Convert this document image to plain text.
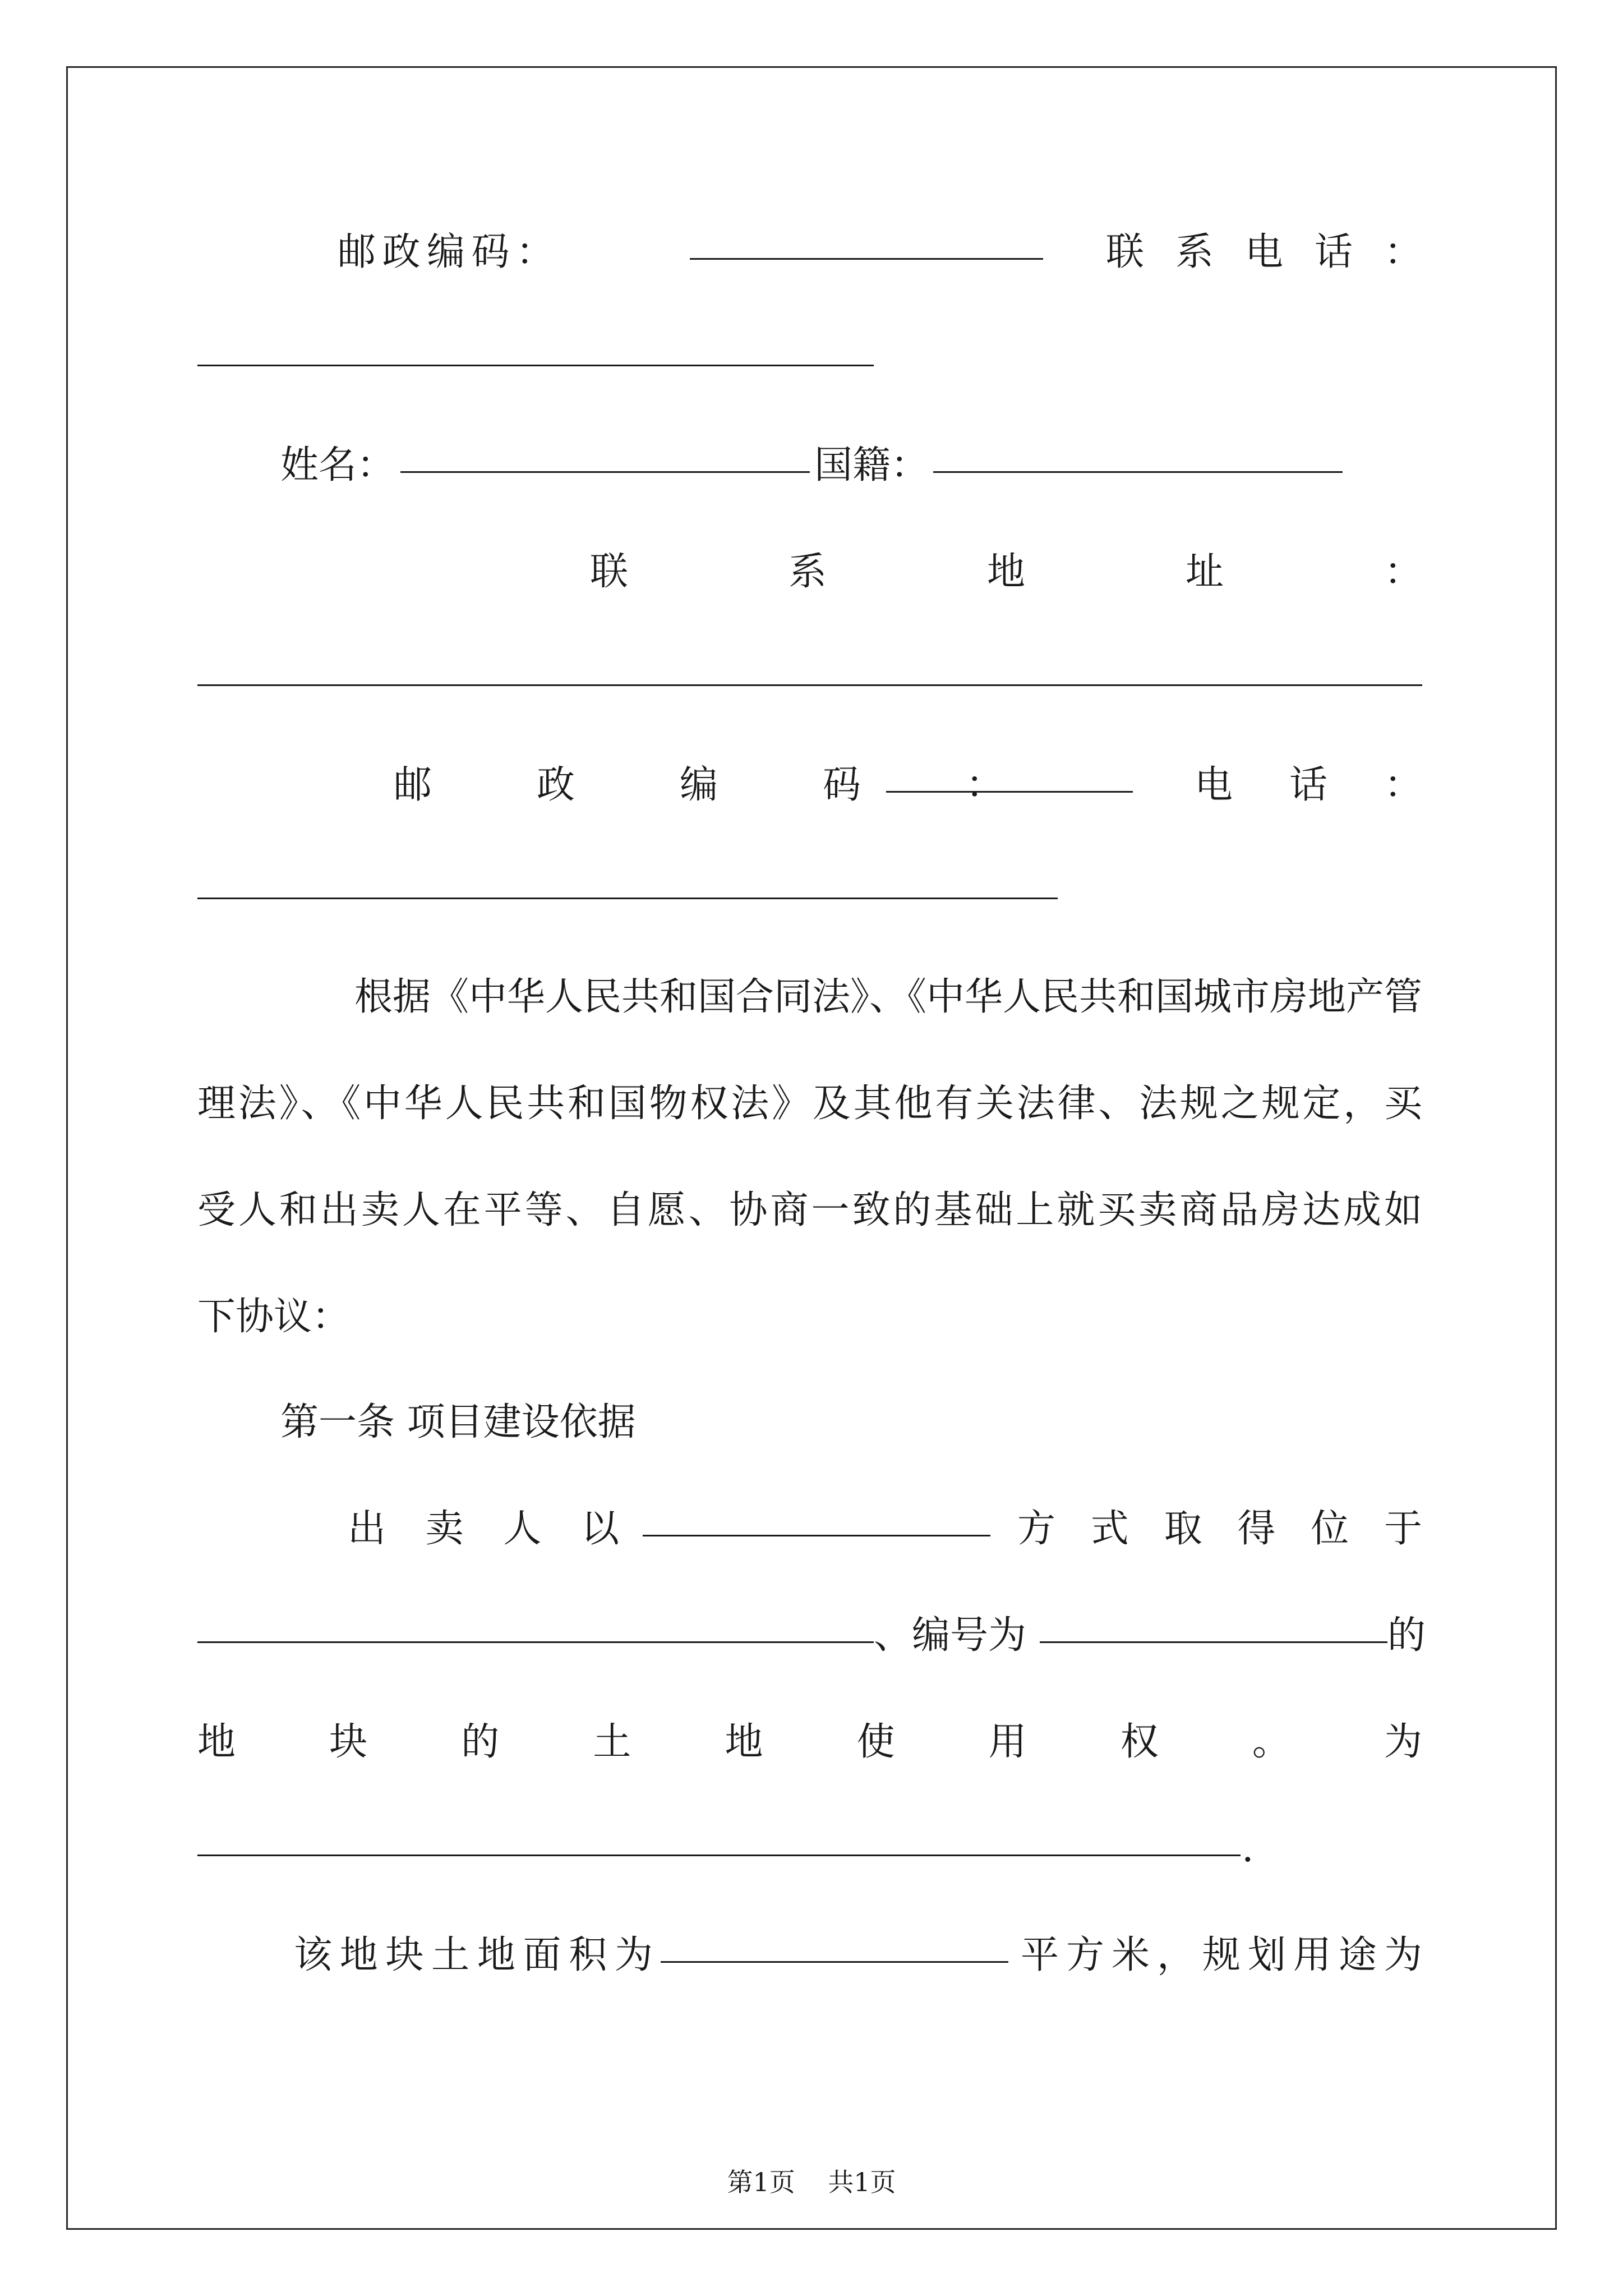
邮 政 编 码 ：	联 系 电 话 ：
姓名：	国籍：
联	系	地	址	：
邮	政	编	码	：	电 话 ：
根据《中华人民共和国合同法》、《中华人民共和国城市房地产管
理法》、《中华人民共和国物权法》及其他有关法律、法规之规定，买
受人和出卖人在平等、自愿、协商一致的基础上就买卖商品房达成如
下协议：
第一条 项目建设依据
出 卖 人 以	方 式 取 得 位 于
、编号为	的
地 块 的 土 地 使 用 权 。 为
.
该 地 块 土 地 面 积 为	平 方 米 ， 规 划 用 途 为
第1页    共1页
